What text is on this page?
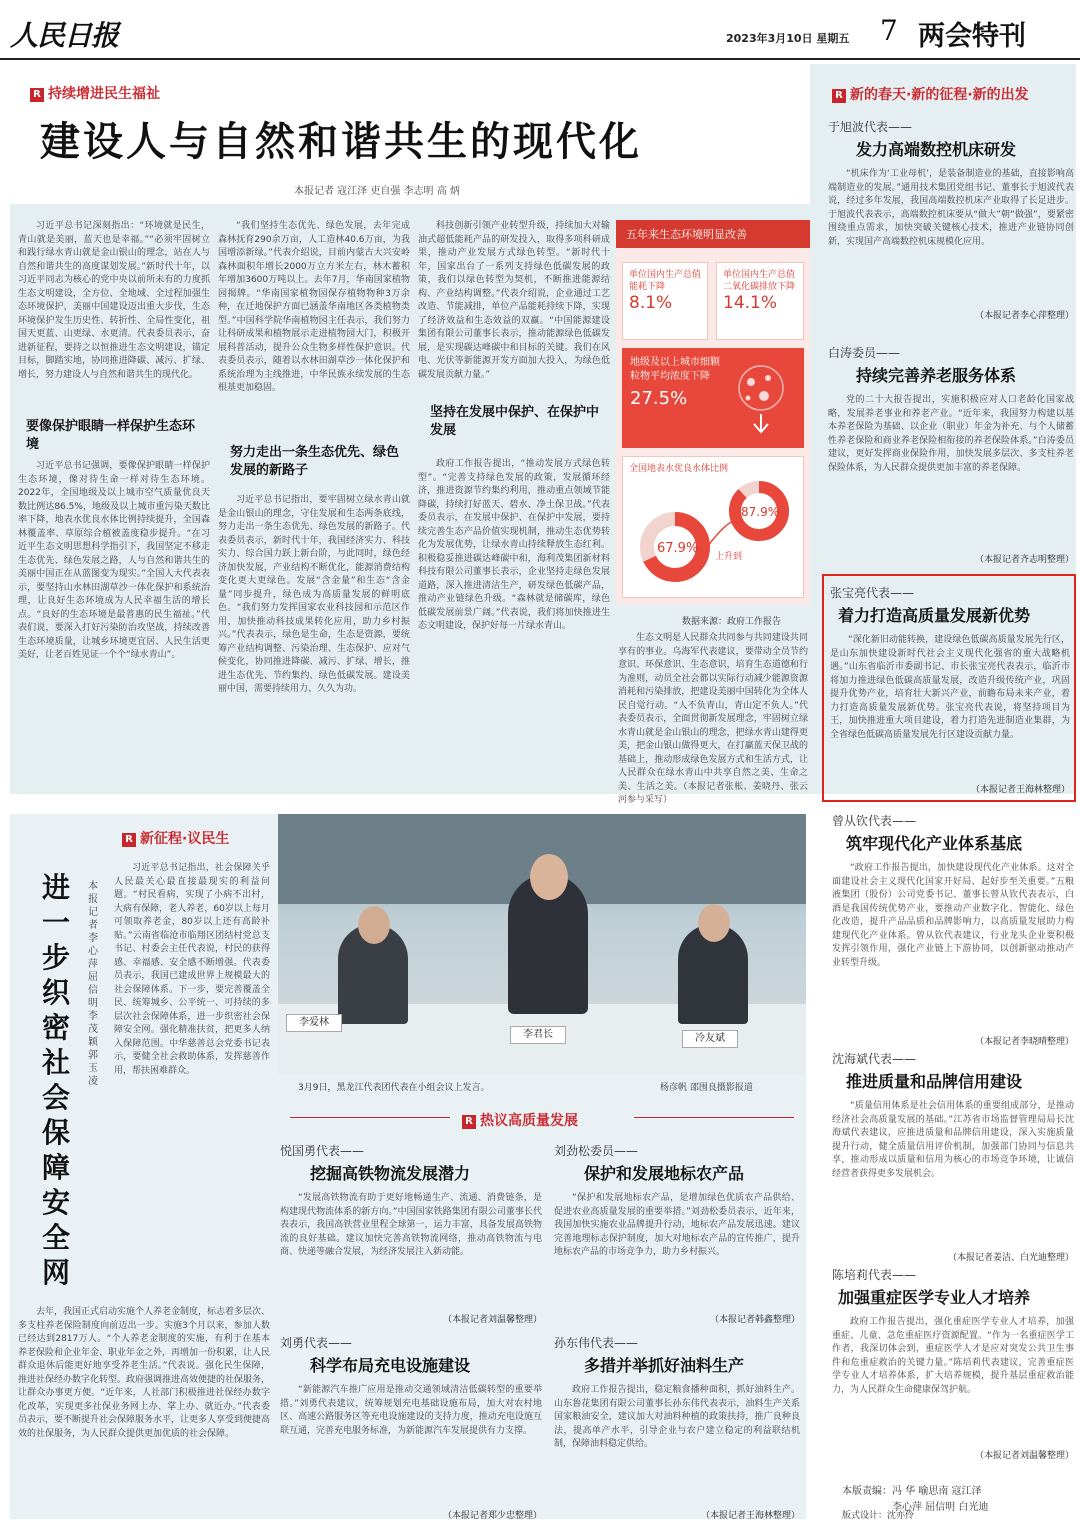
人民日报	2023年3月10日 星期五 7 两会特刊
R 持续增进民生福祉
建设人与自然和谐共生的现代化
本报记者 寇江泽 吏自强 李志明 高 炳

习近平总书记深刻指出：“环境就是民生，青山就是美丽，蓝天也是幸福。”“必须牢固树立和践行绿水青山就是金山银山的理念，站在人与自然和谐共生的高度谋划发展。”新时代十年，以习近平同志为核心的党中央以前所未有的力度抓生态文明建设，全方位、全地域、全过程加强生态环境保护，美丽中国建设迈出重大步伐，生态环境保护发生历史性、转折性、全局性变化，祖国天更蓝、山更绿、水更清。代表委员表示，奋进新征程，要持之以恒推进生态文明建设，锚定目标，脚踏实地，协同推进降碳、减污、扩绿、增长，努力建设人与自然和谐共生的现代化。

要像保护眼睛一样保护生态环境

习近平总书记强调，要像保护眼睛一样保护生态环境，像对待生命一样对待生态环境。2022年，全国地级及以上城市空气质量优良天数比例达86.5%，地级及以上城市重污染天数比率下降，地表水优良水体比例持续提升，全国森林覆盖率、草原综合植被盖度稳步提升。“在习近平生态文明思想科学指引下，我国坚定不移走生态优先、绿色发展之路，人与自然和谐共生的美丽中国正在从蓝图变为现实。”全国人大代表表示，要坚持山水林田湖草沙一体化保护和系统治理，让良好生态环境成为人民幸福生活的增长点。“良好的生态环境是最普惠的民生福祉。”代表们说，要深入打好污染防治攻坚战，持续改善生态环境质量，让城乡环境更宜居、人民生活更美好，让老百姓见证一个个“绿水青山”。

“我们坚持生态优先、绿色发展，去年完成森林抚育290余万亩，人工造林40.6万亩，为我国增添新绿。”代表介绍说，目前内蒙古大兴安岭森林面积年增长2000万立方米左右，林木蓄积年增加3600万吨以上。去年7月，华南国家植物园揭牌。“华南国家植物园保存植物物种3万余种，在迁地保护方面已涵盖华南地区各类植物类型。”中国科学院华南植物园主任表示，我们努力让科研成果和植物展示走进植物园大门，积极开展科普活动，提升公众生物多样性保护意识。代表委员表示，随着以水林田湖草沙一体化保护和系统治理为主线推进，中华民族永续发展的生态根基更加稳固。

努力走出一条生态优先、绿色发展的新路子

习近平总书记指出，要牢固树立绿水青山就是金山银山的理念，守住发展和生态两条底线，努力走出一条生态优先、绿色发展的新路子。代表委员表示，新时代十年，我国经济实力、科技实力、综合国力跃上新台阶，与此同时，绿色经济加快发展，产业结构不断优化，能源消费结构变化更大更绿色。发展“含金量”和生态“含金量”同步提升，绿色成为高质量发展的鲜明底色。“我们努力发挥国家农业科技园和示范区作用，加快推动科技成果转化应用，助力乡村振兴。”代表表示，绿色是生命，生态是资源，要统筹产业结构调整、污染治理、生态保护、应对气候变化，协同推进降碳、减污、扩绿、增长，推进生态优先、节约集约、绿色低碳发展。建设美丽中国，需要持续用力、久久为功。

科技创新引领产业转型升级，持续加大对输油式超低能耗产品的研发投入，取得多项科研成果，推动产业发展方式绿色转型。“新时代十年，国家出台了一系列支持绿色低碳发展的政策，我们以绿色转型为契机，不断推进能源结构、产业结构调整。”代表介绍说，企业通过工艺改造、节能减排，单位产品能耗持续下降，实现了经济效益和生态效益的双赢。“中国能源建设集团有限公司董事长表示，推动能源绿色低碳发展，是实现碳达峰碳中和目标的关键。我们在风电、光伏等新能源开发方面加大投入，为绿色低碳发展贡献力量。”

坚持在发展中保护、在保护中发展

政府工作报告提出，“推动发展方式绿色转型”。“完善支持绿色发展的政策，发展循环经济，推进资源节约集约利用，推动重点领域节能降碳，持续打好蓝天、碧水、净土保卫战。”代表委员表示，在发展中保护、在保护中发展，要持续完善生态产品价值实现机制，推动生态优势转化为发展优势，让绿水青山持续释放生态红利。积极稳妥推进碳达峰碳中和，海利茂集团新材料科技有限公司董事长表示，企业坚持走绿色发展道路，深入推进清洁生产，研发绿色低碳产品，推动产业链绿色升级。“森林就是储碳库，绿色低碳发展前景广阔。”代表说，我们将加快推进生态文明建设，保护好每一片绿水青山。

生态文明是人民群众共同参与共同建设共同享有的事业。乌海军代表建议，要带动全员节约意识、环保意识、生态意识，培育生态道德和行为准则，动员全社会都以实际行动减少能源资源消耗和污染排放，把建设美丽中国转化为全体人民自觉行动。“人不负青山，青山定不负人。”代表委员表示，全面贯彻新发展理念，牢固树立绿水青山就是金山银山的理念，把绿水青山建得更美，把金山银山做得更大，在打赢蓝天保卫战的基础上，推动形成绿色发展方式和生活方式，让人民群众在绿水青山中共享自然之美、生命之美、生活之美。（本报记者张枨、姜晓丹、张云河参与采写）

五年来生态环境明显改善
单位国内生产总值能耗下降
8.1%
单位国内生产总值二氧化碳排放下降
14.1%
地级及以上城市细颗粒物平均浓度下降
27.5%
全国地表水优良水体比例
67.9%
87.9%
上升到
数据来源：政府工作报告
R 新的春天·新的征程·新的出发
于旭波代表——
发力高端数控机床研发

“机床作为‘工业母机’，是装备制造业的基础，直接影响高端制造业的发展。”通用技术集团党组书记、董事长于旭波代表说，经过多年发展，我国高端数控机床产业取得了长足进步。于旭波代表表示，高端数控机床要从“做大”朝“做强”，要紧密围绕重点需求，加快突破关键核心技术，推进产业链协同创新，实现国产高端数控机床规模化应用。

（本报记者李心萍整理）
白涛委员——
持续完善养老服务体系

党的二十大报告提出，实施积极应对人口老龄化国家战略，发展养老事业和养老产业。“近年来，我国努力构建以基本养老保险为基础、以企业（职业）年金为补充、与个人储蓄性养老保险和商业养老保险相衔接的养老保险体系。”白涛委员建议，更好发挥商业保险作用，加快发展多层次、多支柱养老保险体系，为人民群众提供更加丰富的养老保障。

（本报记者齐志明整理）
张宝亮代表——
着力打造高质量发展新优势

“深化新旧动能转换，建设绿色低碳高质量发展先行区，是山东加快建设新时代社会主义现代化强省的重大战略机遇。”山东省临沂市委副书记、市长张宝亮代表表示，临沂市将加力推进绿色低碳高质量发展，改造升级传统产业，巩固提升优势产业，培育壮大新兴产业，前瞻布局未来产业，着力打造高质量发展新优势。张宝亮代表说，将坚持项目为王，加快推进重大项目建设，着力打造先进制造业集群，为全省绿色低碳高质量发展先行区建设贡献力量。

（本报记者王海林整理）
曾从钦代表——
筑牢现代化产业体系基底

“政府工作报告提出，加快建设现代化产业体系。这对全面建设社会主义现代化国家开好局、起好步至关重要。”五粮液集团（股份）公司党委书记、董事长曾从钦代表表示，白酒是我国传统优势产业，要推动产业数字化、智能化、绿色化改造，提升产品品质和品牌影响力，以高质量发展助力构建现代化产业体系。曾从钦代表建议，行业龙头企业要积极发挥引领作用，强化产业链上下游协同，以创新驱动推动产业转型升级。

（本报记者李晓晴整理）
沈海斌代表——
推进质量和品牌信用建设

“质量信用体系是社会信用体系的重要组成部分，是推动经济社会高质量发展的基础。”江苏省市场监督管理局局长沈海斌代表建议，应推进质量和品牌信用建设，深入实施质量提升行动，健全质量信用评价机制，加强部门协同与信息共享，推动形成以质量和信用为核心的市场竞争环境，让诚信经营者获得更多发展机会。

（本报记者姜洁、白光迪整理）
陈培莉代表——
加强重症医学专业人才培养

政府工作报告提出，强化重症医学专业人才培养，加强重症、儿童、急危重症医疗资源配置。“作为一名重症医学工作者，我深切体会到，重症医学人才是应对突发公共卫生事件和危重症救治的关键力量。”陈培莉代表建议，完善重症医学专业人才培养体系，扩大培养规模，提升基层重症救治能力，为人民群众生命健康保驾护航。

（本报记者刘温馨整理）
本版责编：冯 华 喻思南 寇江泽
李心萍 屈信明 白光迪
版式设计：沈亦伶
R 新征程·议民生
进一步织密社会保障安全网
本报记者 李心萍 屈信明 李茂颖 郭玉凌

习近平总书记指出，社会保障关乎人民最关心最直接最现实的利益问题。“村民看病，实现了小病不出村，大病有保障，老人养老，60岁以上每月可领取养老金，80岁以上还有高龄补贴。”云南省临沧市临翔区团结村党总支书记、村委会主任代表说，村民的获得感、幸福感、安全感不断增强。代表委员表示，我国已建成世界上规模最大的社会保障体系。下一步，要完善覆盖全民、统筹城乡、公平统一、可持续的多层次社会保障体系，进一步织密社会保障安全网。强化精准扶贫，把更多人纳入保障范围。中华慈善总会党委书记表示，要健全社会救助体系，发挥慈善作用，帮扶困难群众。

去年，我国正式启动实施个人养老金制度，标志着多层次、多支柱养老保险制度向前迈出一步。实施3个月以来，参加人数已经达到2817万人。“个人养老金制度的实施，有利于在基本养老保险和企业年金、职业年金之外，再增加一份积累，让人民群众退休后能更好地享受养老生活。”代表说。强化民生保障，推进社保经办数字化转型。政府强调推进高效便捷的社保服务，让群众办事更方便。“近年来，人社部门积极推进社保经办数字化改革，实现更多社保业务网上办、掌上办、就近办。”代表委员表示，要不断提升社会保障服务水平，让更多人享受到便捷高效的社保服务，为人民群众提供更加优质的社会保障。

李爱林
李君长	冷友斌
3月9日，黑龙江代表团代表在小组会议上发言。	杨彦帆 邵围良摄影报道
R 热议高质量发展
悦国勇代表——
挖掘高铁物流发展潜力

“发展高铁物流有助于更好地畅通生产、流通、消费链条，是构建现代物流体系的新方向。”中国国家铁路集团有限公司董事长代表表示，我国高铁营业里程全球第一，运力丰富，具备发展高铁物流的良好基础。建议加快完善高铁物流网络，推动高铁物流与电商、快递等融合发展，为经济发展注入新动能。

（本报记者刘温馨整理）
刘劲松委员——
保护和发展地标农产品

“保护和发展地标农产品，是增加绿色优质农产品供给、促进农业高质量发展的重要举措。”刘劲松委员表示，近年来，我国加快实施农业品牌提升行动，地标农产品发展迅速。建议完善地理标志保护制度，加大对地标农产品的宣传推广，提升地标农产品的市场竞争力，助力乡村振兴。

（本报记者韩鑫整理）
刘勇代表——
科学布局充电设施建设

“新能源汽车推广应用是推动交通领域清洁低碳转型的重要举措。”刘勇代表建议，统筹规划充电基础设施布局，加大对农村地区、高速公路服务区等充电设施建设的支持力度，推动充电设施互联互通，完善充电服务标准，为新能源汽车发展提供有力支撑。

（本报记者郑少忠整理）
孙东伟代表——
多措并举抓好油料生产

政府工作报告提出，稳定粮食播种面积，抓好油料生产。山东鲁花集团有限公司董事长孙东伟代表表示，油料生产关系国家粮油安全，建议加大对油料种植的政策扶持，推广良种良法，提高单产水平，引导企业与农户建立稳定的利益联结机制，保障油料稳定供给。

（本报记者王海林整理）
